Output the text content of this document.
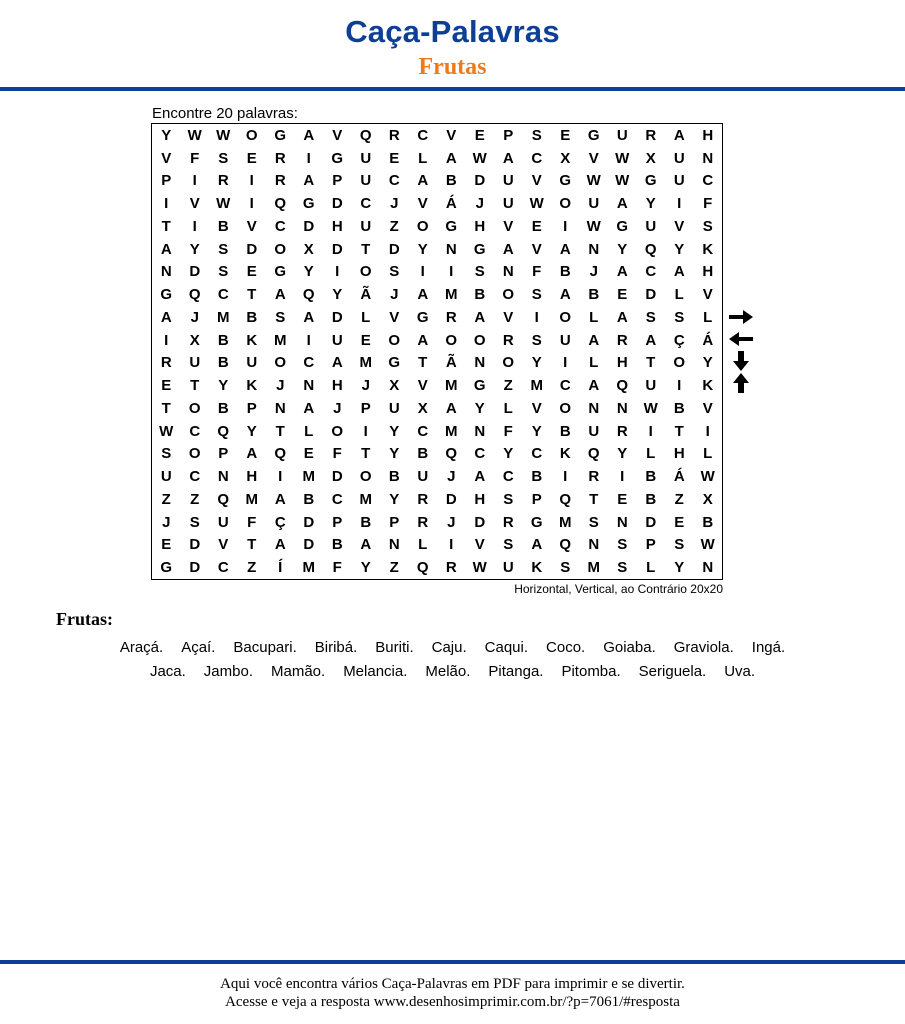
Caça-Palavras
Frutas
Encontre 20 palavras:
Y	W W	O	G	A	V	Q	R	C	V	E	P	S	E	G	U	R	A	H
V	F	S	E	R	I	G	U	E	L	A	W	A	C	X	V	W	X	U	N
P	I	R	I	R	A	P	U	C	A	B	D	U	V	G	W W	G	U	C
I	V	W	I	Q	G	D	C	J	V	Á	J	U	W	O	U	A	Y	I	F
T	I	B	V	C	D	H	U	Z	O	G	H	V	E	I	W	G	U	V	S
A	Y	S	D	O	X	D	T	D	Y	N	G	A	V	A	N	Y	Q	Y	K
N	D	S	E	G	Y	I	O	S	I	I	S	N	F	B	J	A	C	A	H
G	Q	C	T	A	Q	Y	Ã	J	A	M	B	O	S	A	B	E	D	L	V
A	J	M	B	S	A	D	L	V	G	R	A	V	I	O	L	A	S	S	L
I	X	B	K	M	I	U	E	O	A	O	O	R	S	U	A	R	A	Ç	Á
R	U	B	U	O	C	A	M	G	T	Ã	N	O	Y	I	L	H	T	O	Y
E	T	Y	K	J	N	H	J	X	V	M	G	Z	M	C	A	Q	U	I	K
T	O	B	P	N	A	J	P	U	X	A	Y	L	V	O	N	N	W	B	V
W	C	Q	Y	T	L	O	I	Y	C	M	N	F	Y	B	U	R	I	T	I
S	O	P	A	Q	E	F	T	Y	B	Q	C	Y	C	K	Q	Y	L	H	L
U	C	N	H	I	M	D	O	B	U	J	A	C	B	I	R	I	B	Á	W
Z	Z	Q	M	A	B	C	M	Y	R	D	H	S	P	Q	T	E	B	Z	X
J	S	U	F	Ç	D	P	B	P	R	J	D	R	G	M	S	N	D	E	B
E	D	V	T	A	D	B	A	N	L	I	V	S	A	Q	N	S	P	S	W
G	D	C	Z	Í	M	F	Y	Z	Q	R	W	U	K	S	M	S	L	Y	N
Horizontal, Vertical, ao Contrário 20x20
Frutas:
Araçá. Açaí. Bacupari. Biribá. Buriti. Caju. Caqui. Coco. Goiaba. Graviola. Ingá.
Jaca. Jambo. Mamão. Melancia. Melão. Pitanga. Pitomba. Seriguela. Uva.
Aqui você encontra vários Caça-Palavras em PDF para imprimir e se divertir.
Acesse e veja a resposta www.desenhosimprimir.com.br/?p=7061/#resposta
